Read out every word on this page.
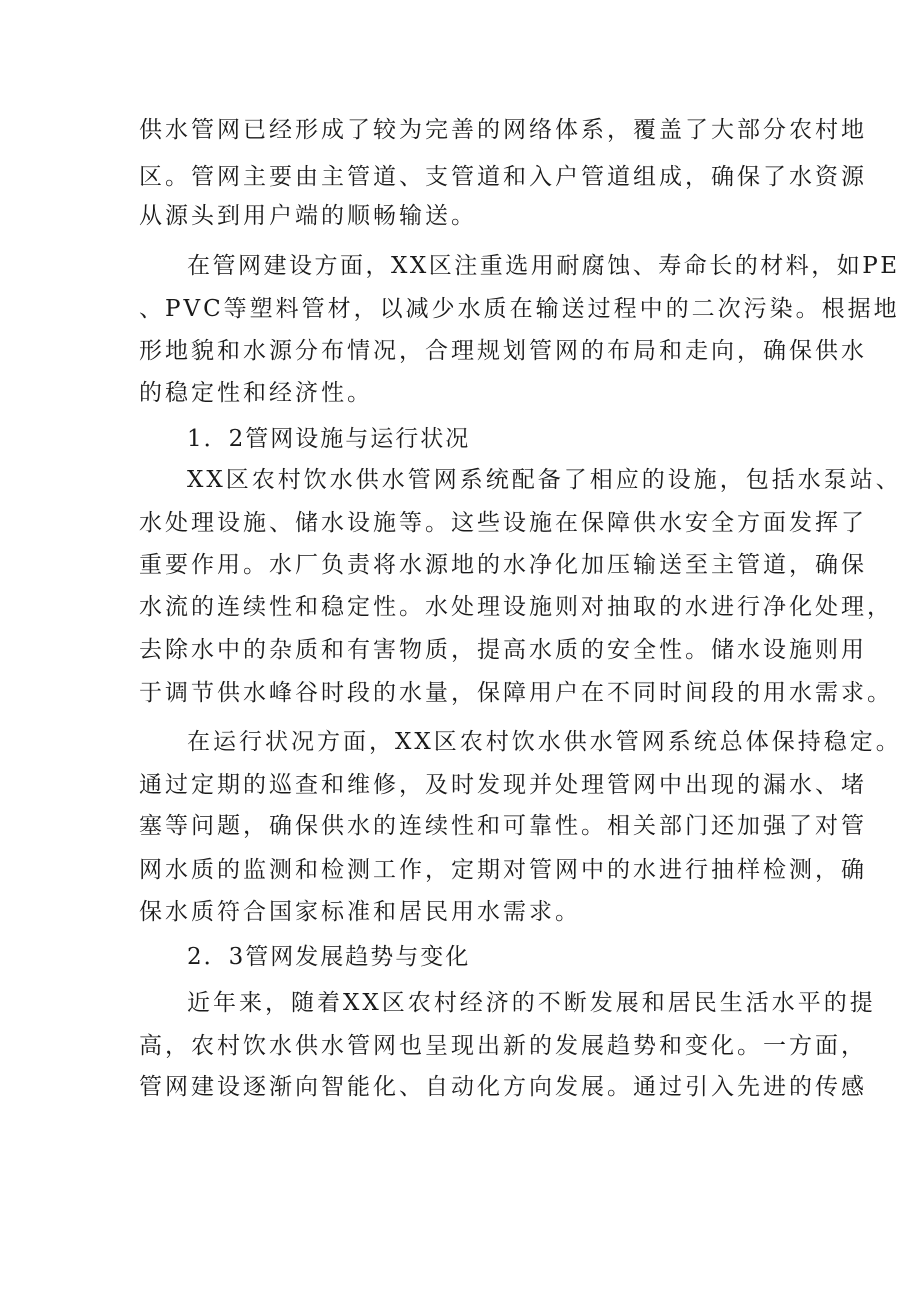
供水管网已经形成了较为完善的网络体系，覆盖了大部分农村地

区。管网主要由主管道、支管道和入户管道组成，确保了水资源

从源头到用户端的顺畅输送。

在管网建设方面，XX区注重选用耐腐蚀、寿命长的材料，如PE

、PVC等塑料管材，以减少水质在输送过程中的二次污染。根据地

形地貌和水源分布情况，合理规划管网的布局和走向，确保供水

的稳定性和经济性。

1．2管网设施与运行状况

XX区农村饮水供水管网系统配备了相应的设施，包括水泵站、

水处理设施、储水设施等。这些设施在保障供水安全方面发挥了

重要作用。水厂负责将水源地的水净化加压输送至主管道，确保

水流的连续性和稳定性。水处理设施则对抽取的水进行净化处理，

去除水中的杂质和有害物质，提高水质的安全性。储水设施则用

于调节供水峰谷时段的水量，保障用户在不同时间段的用水需求。

在运行状况方面，XX区农村饮水供水管网系统总体保持稳定。

通过定期的巡查和维修，及时发现并处理管网中出现的漏水、堵

塞等问题，确保供水的连续性和可靠性。相关部门还加强了对管

网水质的监测和检测工作，定期对管网中的水进行抽样检测，确

保水质符合国家标准和居民用水需求。

2．3管网发展趋势与变化

近年来，随着XX区农村经济的不断发展和居民生活水平的提

高，农村饮水供水管网也呈现出新的发展趋势和变化。一方面，

管网建设逐渐向智能化、自动化方向发展。通过引入先进的传感
